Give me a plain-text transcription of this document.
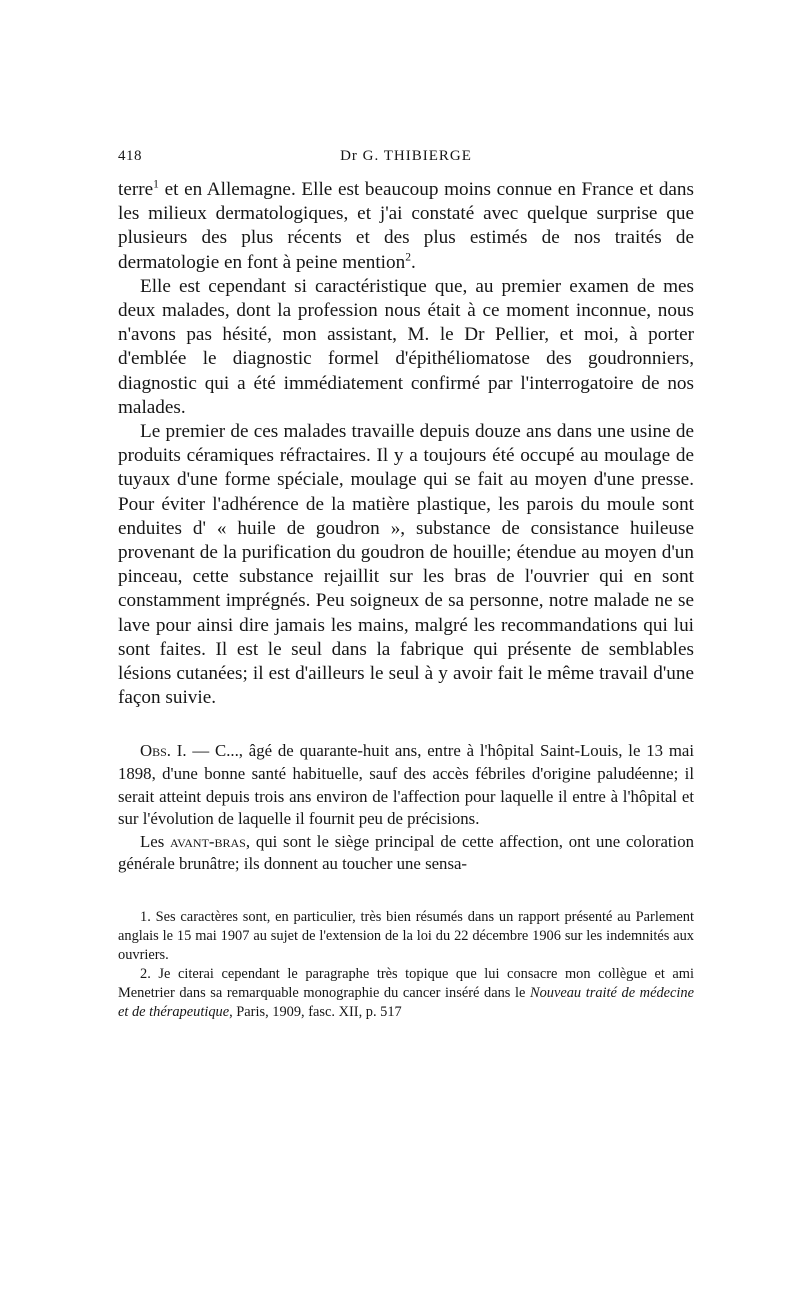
418	Dr G. THIBIERGE

terre$^1$ et en Allemagne. Elle est beaucoup moins connue en France et dans les milieux dermatologiques, et j'ai constaté avec quelque surprise que plusieurs des plus récents et des plus estimés de nos traités de dermatologie en font à peine mention$^2$.

Elle est cependant si caractéristique que, au premier examen de mes deux malades, dont la profession nous était à ce moment inconnue, nous n'avons pas hésité, mon assistant, M. le Dr Pellier, et moi, à porter d'emblée le diagnostic formel d'épithéliomatose des goudronniers, diagnostic qui a été immédiatement confirmé par l'interrogatoire de nos malades.

Le premier de ces malades travaille depuis douze ans dans une usine de produits céramiques réfractaires. Il y a toujours été occupé au moulage de tuyaux d'une forme spéciale, moulage qui se fait au moyen d'une presse. Pour éviter l'adhérence de la matière plastique, les parois du moule sont enduites d' « huile de goudron », substance de consistance huileuse provenant de la purification du goudron de houille; étendue au moyen d'un pinceau, cette substance rejaillit sur les bras de l'ouvrier qui en sont constamment imprégnés. Peu soigneux de sa personne, notre malade ne se lave pour ainsi dire jamais les mains, malgré les recommandations qui lui sont faites. Il est le seul dans la fabrique qui présente de semblables lésions cutanées; il est d'ailleurs le seul à y avoir fait le même travail d'une façon suivie.

Obs. I. — C..., âgé de quarante-huit ans, entre à l'hôpital Saint-Louis, le 13 mai 1898, d'une bonne santé habituelle, sauf des accès fébriles d'origine paludéenne; il serait atteint depuis trois ans environ de l'affection pour laquelle il entre à l'hôpital et sur l'évolution de laquelle il fournit peu de précisions.

Les avant-bras, qui sont le siège principal de cette affection, ont une coloration générale brunâtre; ils donnent au toucher une sensa-

1. Ses caractères sont, en particulier, très bien résumés dans un rapport présenté au Parlement anglais le 15 mai 1907 au sujet de l'extension de la loi du 22 décembre 1906 sur les indemnités aux ouvriers.

2. Je citerai cependant le paragraphe très topique que lui consacre mon collègue et ami Menetrier dans sa remarquable monographie du cancer inséré dans le Nouveau traité de médecine et de thérapeutique, Paris, 1909, fasc. XII, p. 517
